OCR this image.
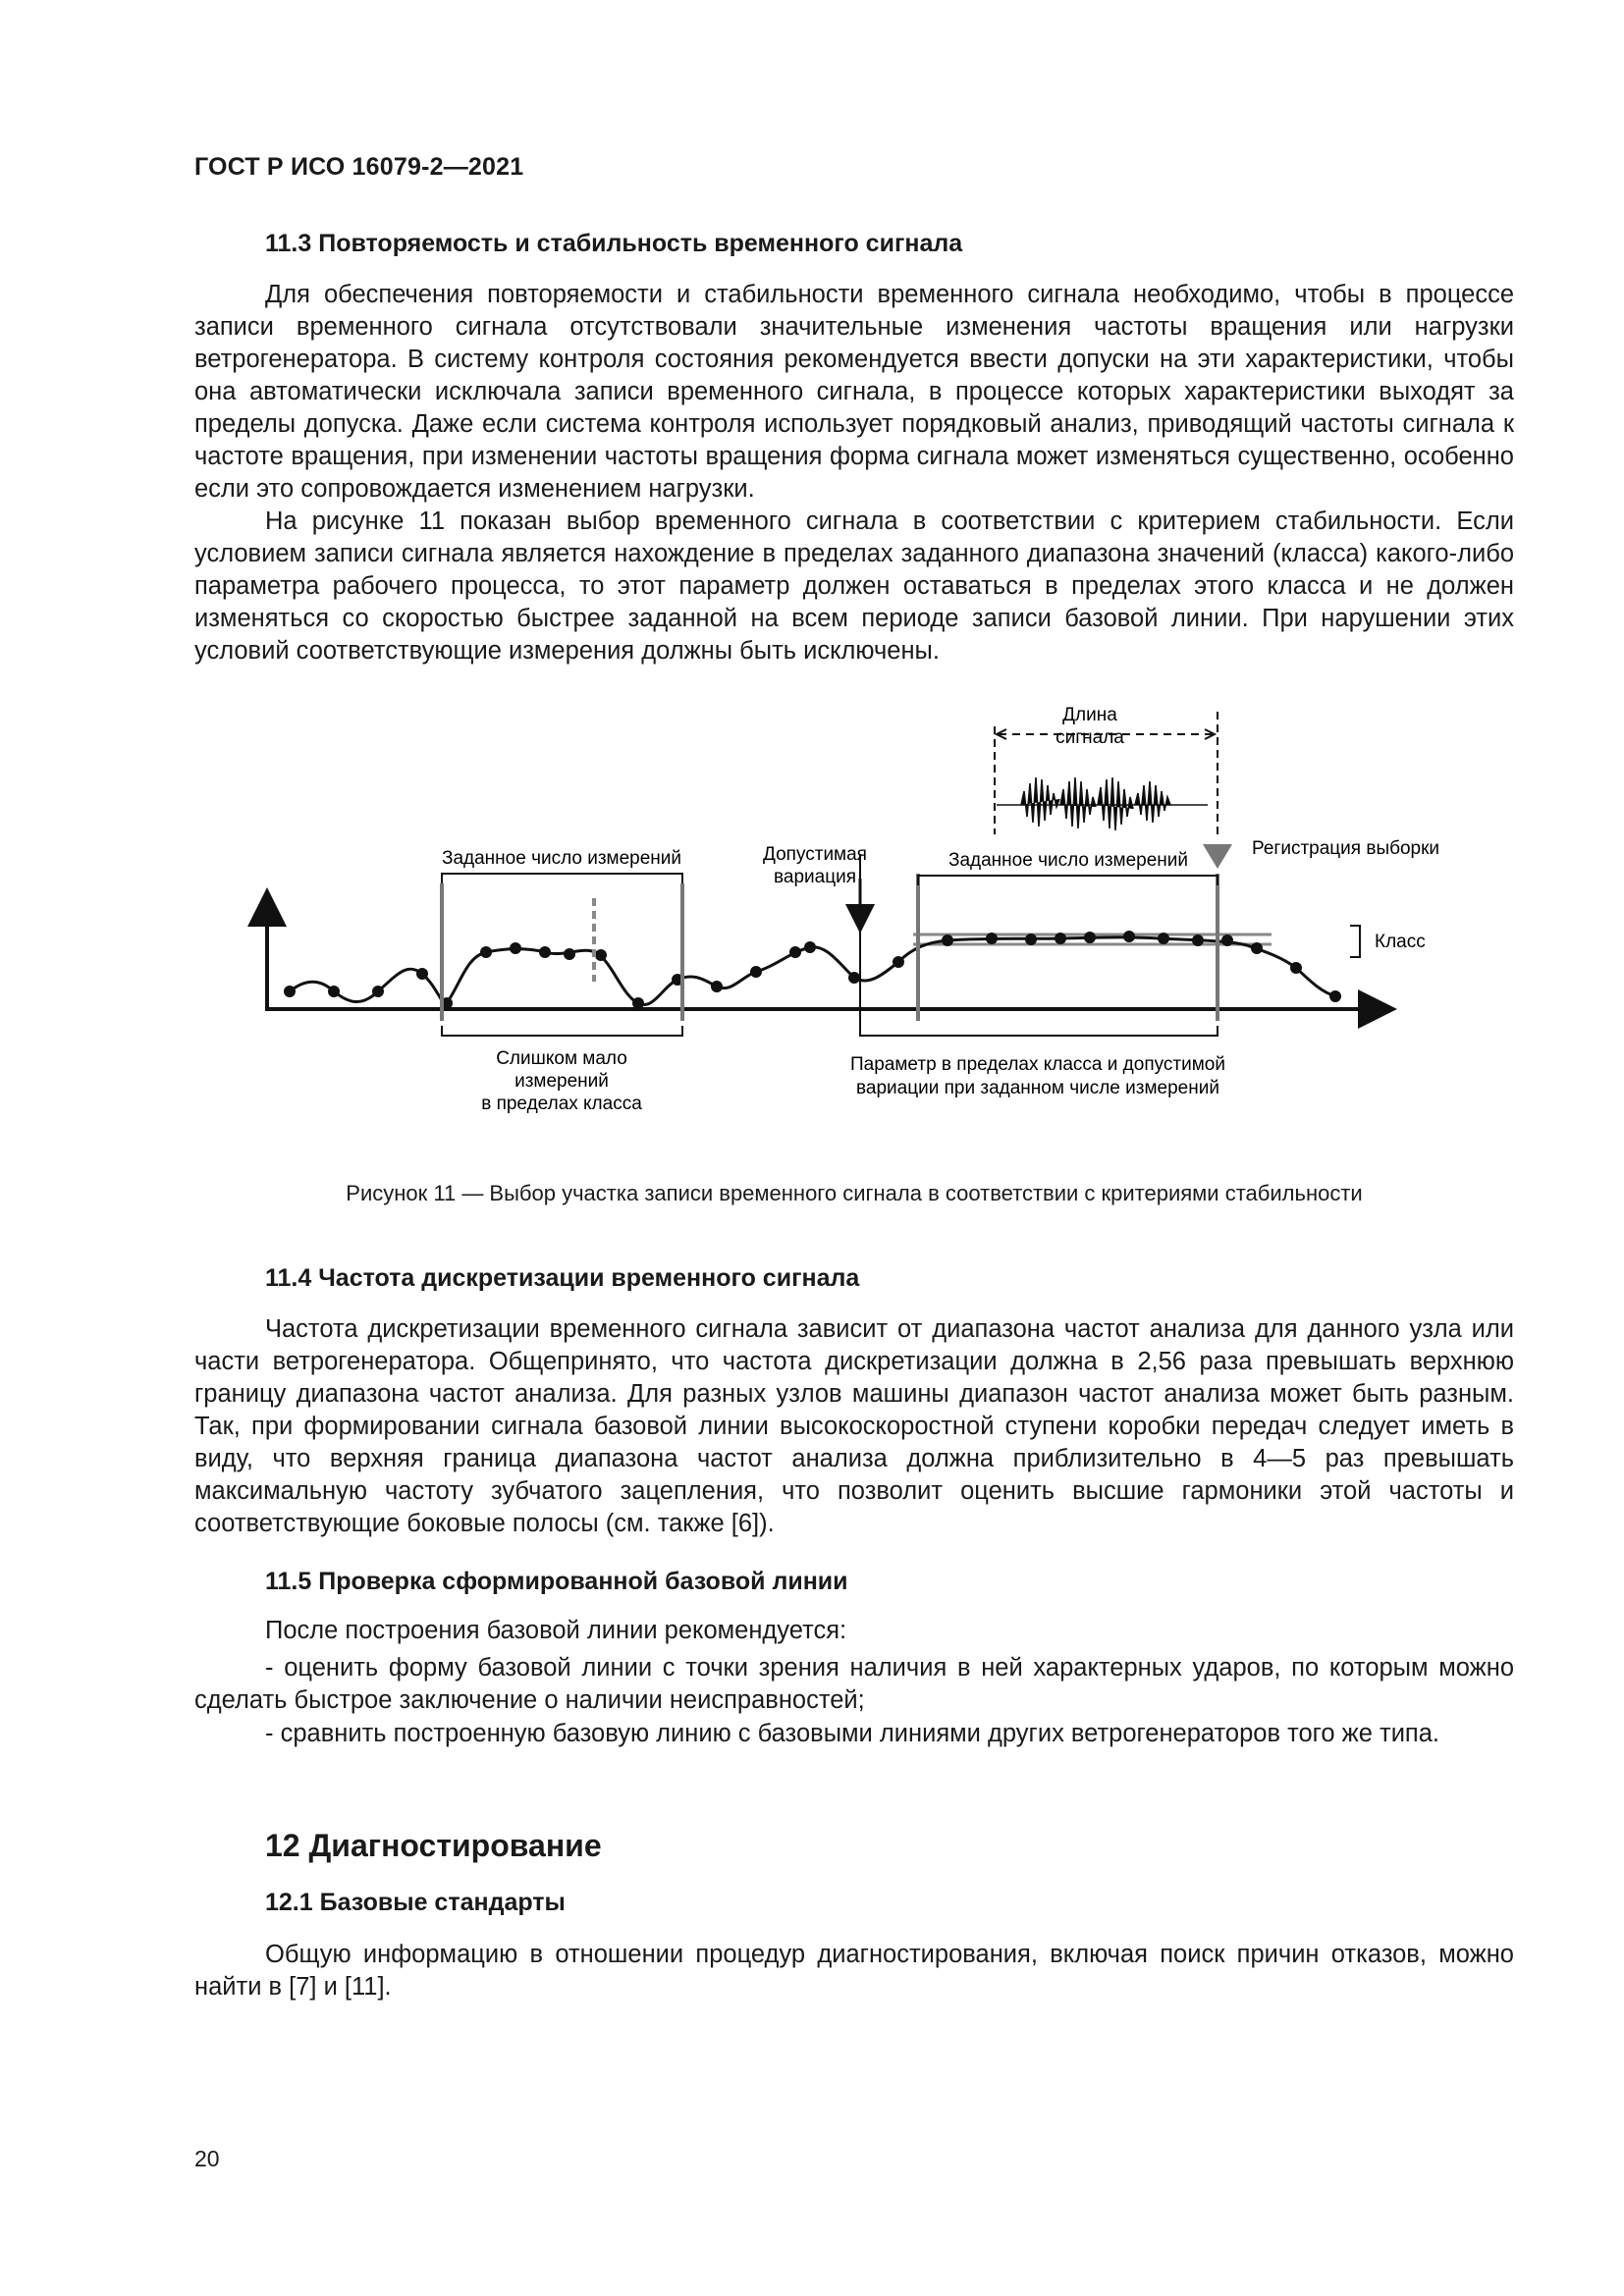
ГОСТ Р ИСО 16079-2—2021
11.3 Повторяемость и стабильность временного сигнала

Для обеспечения повторяемости и стабильности временного сигнала необходимо, чтобы в процессе записи временного сигнала отсутствовали значительные изменения частоты вращения или нагрузки ветрогенератора. В систему контроля состояния рекомендуется ввести допуски на эти характеристики, чтобы она автоматически исключала записи временного сигнала, в процессе которых характеристики выходят за пределы допуска. Даже если система контроля использует порядковый анализ, приводящий частоты сигнала к частоте вращения, при изменении частоты вращения форма сигнала может изменяться существенно, особенно если это сопровождается изменением нагрузки.

На рисунке 11 показан выбор временного сигнала в соответствии с критерием стабильности. Если условием записи сигнала является нахождение в пределах заданного диапазона значений (класса) какого-либо параметра рабочего процесса, то этот параметр должен оставаться в пределах этого класса и не должен изменяться со скоростью быстрее заданной на всем периоде записи базовой линии. При нарушении этих условий соответствующие измерения должны быть исключены.

Длина
сигнала
Регистрация выборки
Заданное число измерений	Допустимая
вариация
Заданное число измерений
Класс
Слишком мало
измерений
в пределах класса
Параметр в пределах класса и допустимой
вариации при заданном числе измерений
Рисунок 11 — Выбор участка записи временного сигнала в соответствии с критериями стабильности
11.4 Частота дискретизации временного сигнала

Частота дискретизации временного сигнала зависит от диапазона частот анализа для данного узла или части ветрогенератора. Общепринято, что частота дискретизации должна в 2,56 раза превышать верхнюю границу диапазона частот анализа. Для разных узлов машины диапазон частот анализа может быть разным. Так, при формировании сигнала базовой линии высокоскоростной ступени коробки передач следует иметь в виду, что верхняя граница диапазона частот анализа должна приблизительно в 4—5 раз превышать максимальную частоту зубчатого зацепления, что позволит оценить высшие гармоники этой частоты и соответствующие боковые полосы (см. также [6]).

11.5 Проверка сформированной базовой линии

После построения базовой линии рекомендуется:

- оценить форму базовой линии с точки зрения наличия в ней характерных ударов, по которым можно сделать быстрое заключение о наличии неисправностей;

- сравнить построенную базовую линию с базовыми линиями других ветрогенераторов того же типа.

12 Диагностирование
12.1 Базовые стандарты

Общую информацию в отношении процедур диагностирования, включая поиск причин отказов, можно найти в [7] и [11].

20
